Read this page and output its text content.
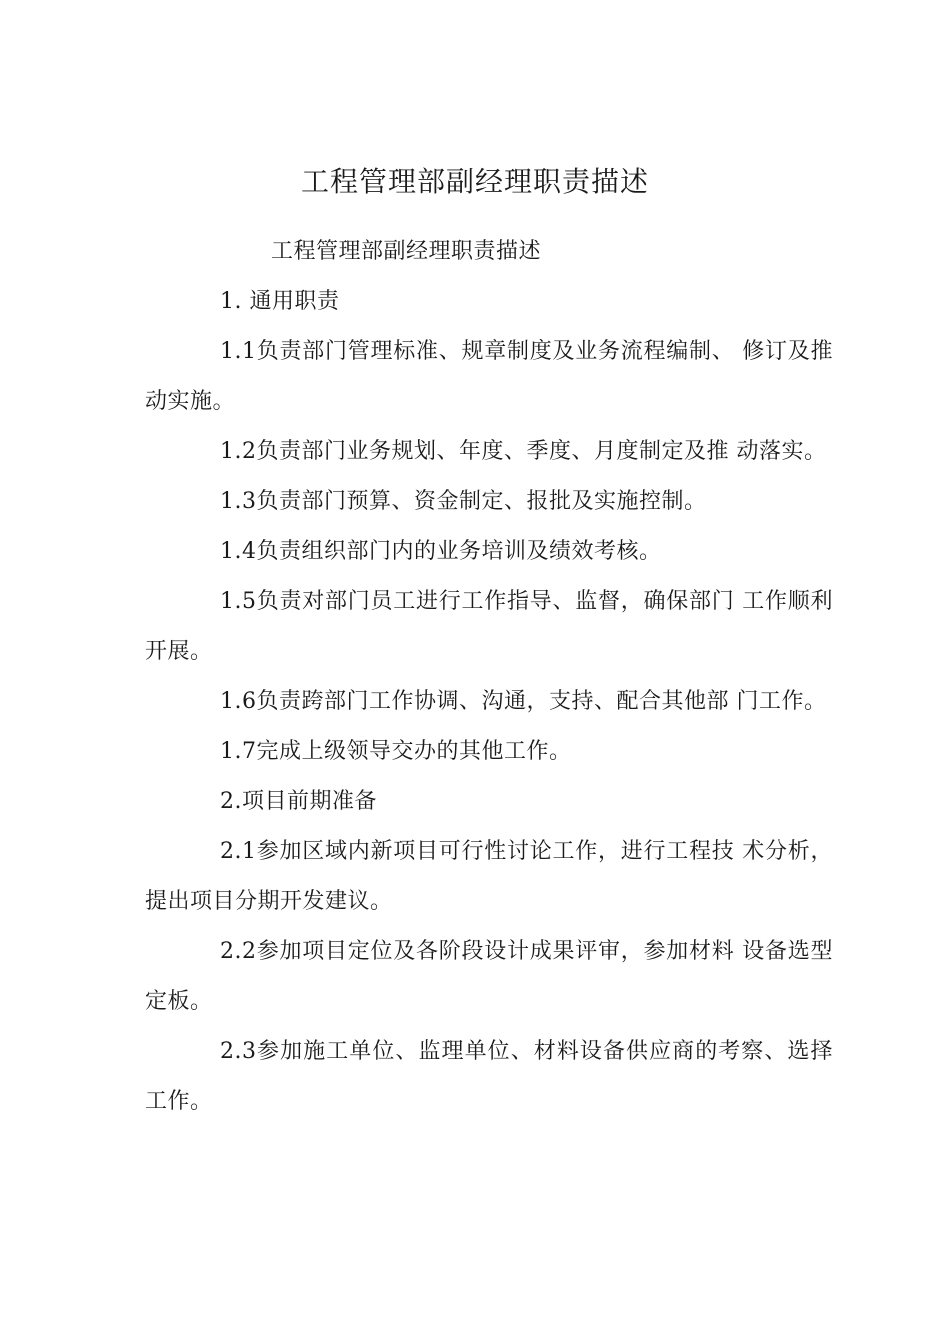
工程管理部副经理职责描述

工程管理部副经理职责描述

1. 通用职责

1.1负责部门管理标准、规章制度及业务流程编制、 修订及推动实施。

1.2负责部门业务规划、年度、季度、月度制定及推 动落实。

1.3负责部门预算、资金制定、报批及实施控制。

1.4负责组织部门内的业务培训及绩效考核。

1.5负责对部门员工进行工作指导、监督，确保部门 工作顺利开展。

1.6负责跨部门工作协调、沟通，支持、配合其他部 门工作。

1.7完成上级领导交办的其他工作。

2.项目前期准备

2.1参加区域内新项目可行性讨论工作，进行工程技 术分析，提出项目分期开发建议。

2.2参加项目定位及各阶段设计成果评审，参加材料 设备选型定板。

2.3参加施工单位、监理单位、材料设备供应商的考察、选择工作。
